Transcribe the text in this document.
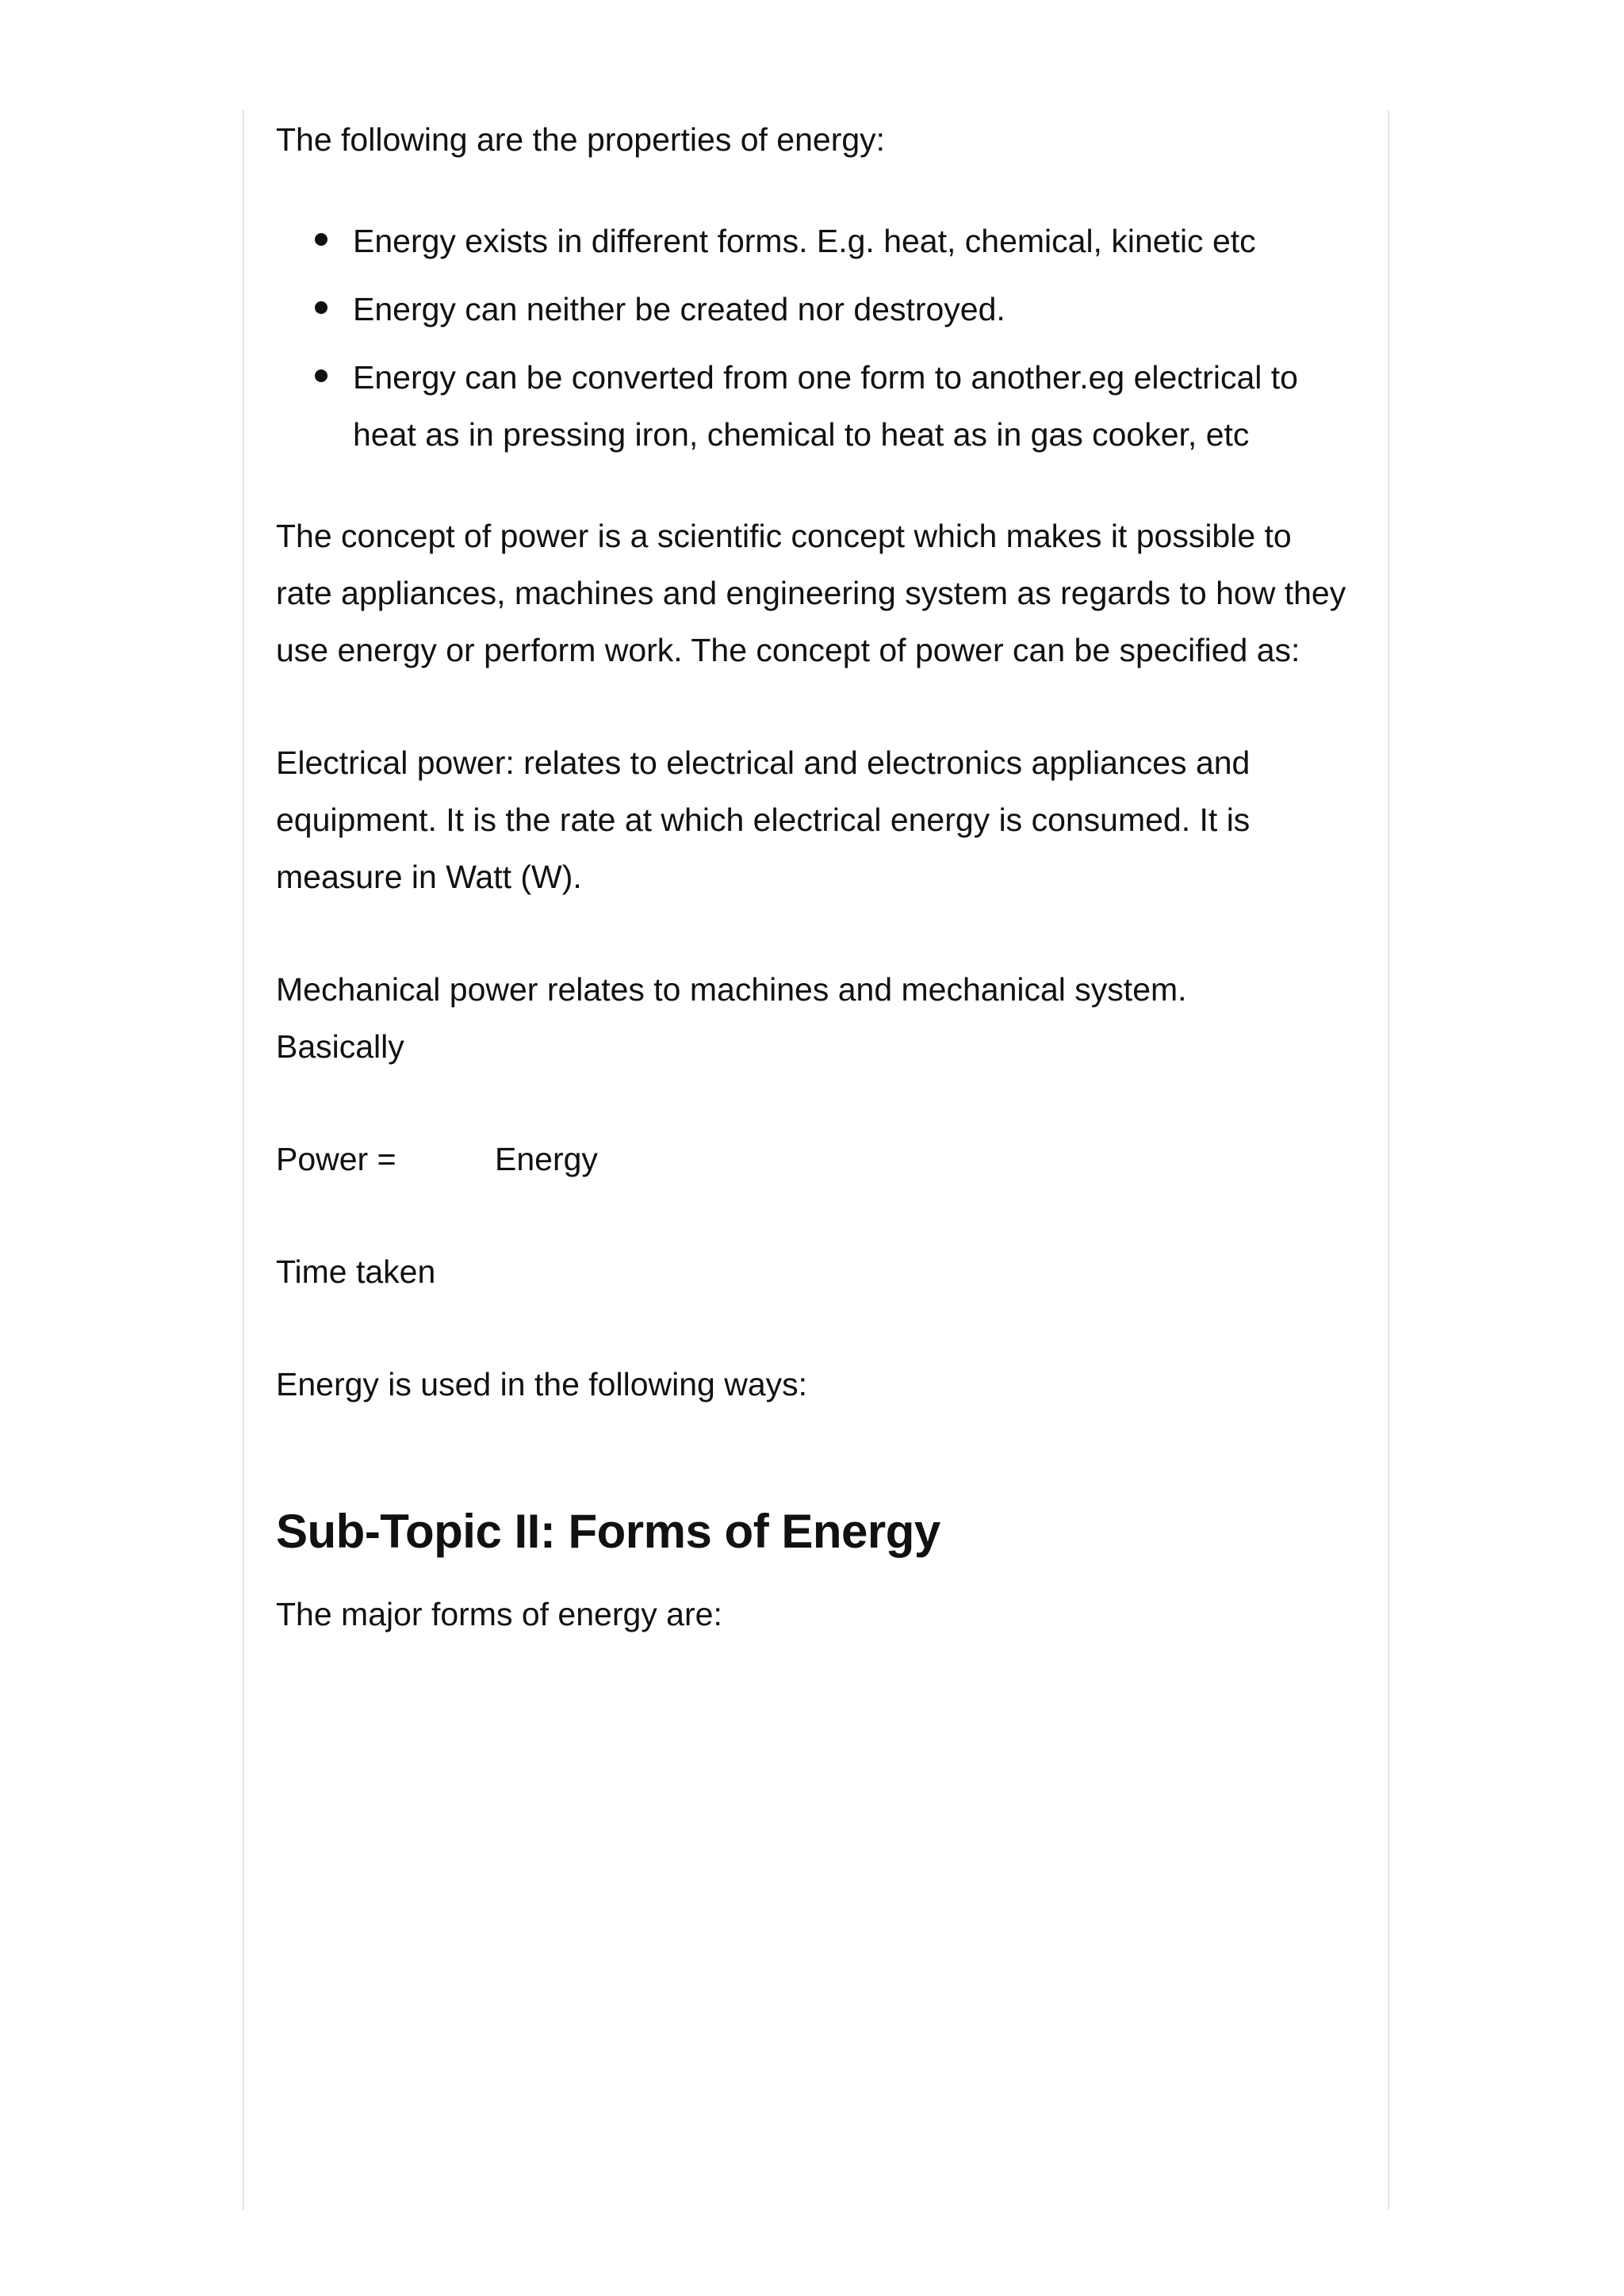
The following are the properties of energy:

Energy exists in different forms. E.g. heat, chemical, kinetic etc
Energy can neither be created nor destroyed.
Energy can be converted from one form to another.eg electrical to heat as in pressing iron, chemical to heat as in gas cooker, etc

The concept of power is a scientific concept which makes it possible to rate appliances, machines and engineering system as regards to how they use energy or perform work. The concept of power can be specified as:

Electrical power: relates to electrical and electronics appliances and equipment. It is the rate at which electrical energy is consumed. It is measure in Watt (W).

Mechanical power relates to machines and mechanical system. Basically

Power =	Energy

Time taken

Energy is used in the following ways:

Sub-Topic II: Forms of Energy

The major forms of energy are:
